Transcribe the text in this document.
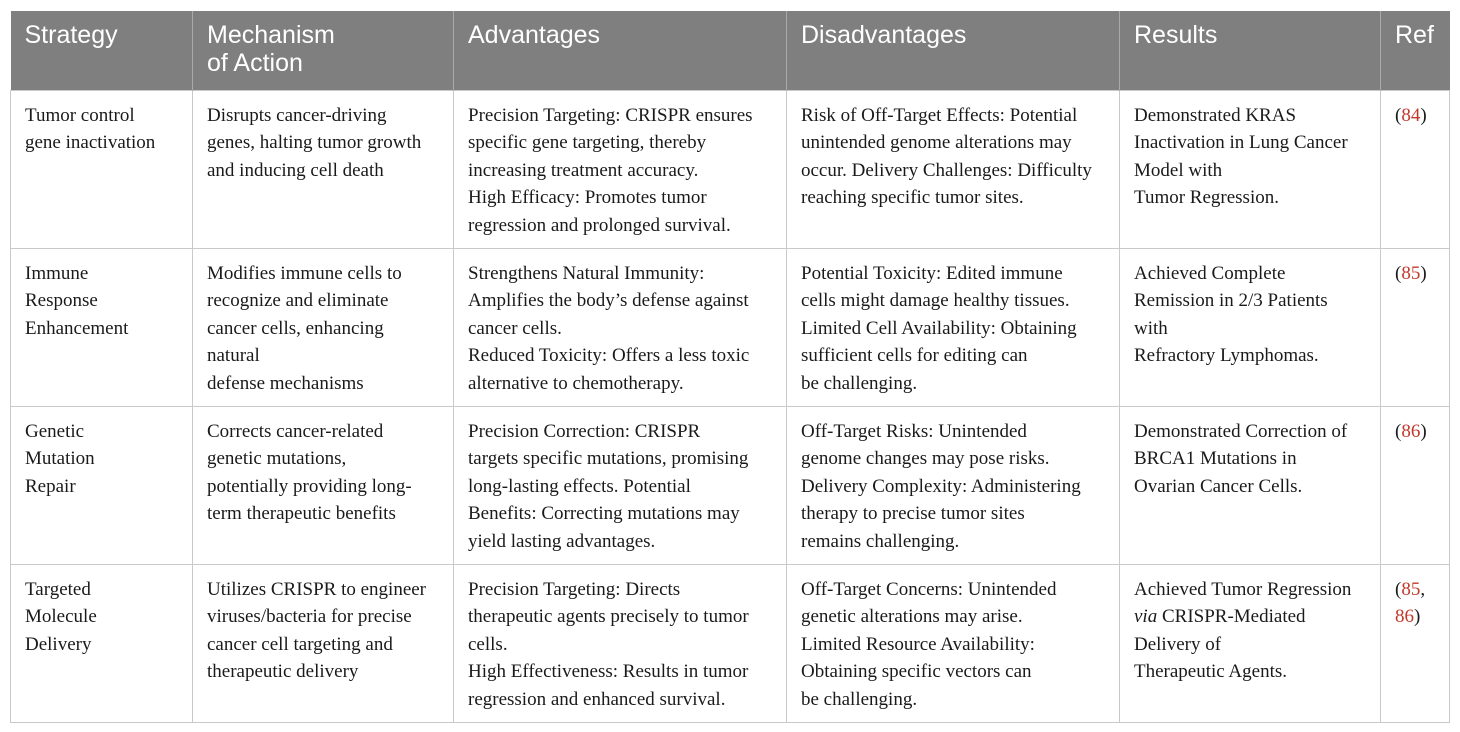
Strategy	Mechanism
of Action	Advantages	Disadvantages	Results	Ref

Tumor control
gene inactivation	Disrupts cancer-driving
genes, halting tumor growth
and inducing cell death	Precision Targeting: CRISPR ensures
specific gene targeting, thereby
increasing treatment accuracy.
High Efficacy: Promotes tumor
regression and prolonged survival.	Risk of Off-Target Effects: Potential
unintended genome alterations may
occur. Delivery Challenges: Difficulty
reaching specific tumor sites.	Demonstrated KRAS
Inactivation in Lung Cancer
Model with
Tumor Regression.	(84)

Immune
Response
Enhancement	Modifies immune cells to
recognize and eliminate
cancer cells, enhancing
natural
defense mechanisms	Strengthens Natural Immunity:
Amplifies the body’s defense against
cancer cells.
Reduced Toxicity: Offers a less toxic
alternative to chemotherapy.	Potential Toxicity: Edited immune
cells might damage healthy tissues.
Limited Cell Availability: Obtaining
sufficient cells for editing can
be challenging.	Achieved Complete
Remission in 2/3 Patients
with
Refractory Lymphomas.	(85)

Genetic
Mutation
Repair	Corrects cancer-related
genetic mutations,
potentially providing long-
term therapeutic benefits	Precision Correction: CRISPR
targets specific mutations, promising
long-lasting effects. Potential
Benefits: Correcting mutations may
yield lasting advantages.	Off-Target Risks: Unintended
genome changes may pose risks.
Delivery Complexity: Administering
therapy to precise tumor sites
remains challenging.	Demonstrated Correction of
BRCA1 Mutations in
Ovarian Cancer Cells.	(86)

Targeted
Molecule
Delivery	Utilizes CRISPR to engineer
viruses/bacteria for precise
cancer cell targeting and
therapeutic delivery	Precision Targeting: Directs
therapeutic agents precisely to tumor
cells.
High Effectiveness: Results in tumor
regression and enhanced survival.	Off-Target Concerns: Unintended
genetic alterations may arise.
Limited Resource Availability:
Obtaining specific vectors can
be challenging.	Achieved Tumor Regression
via CRISPR-Mediated
Delivery of
Therapeutic Agents.	(85,
86)
